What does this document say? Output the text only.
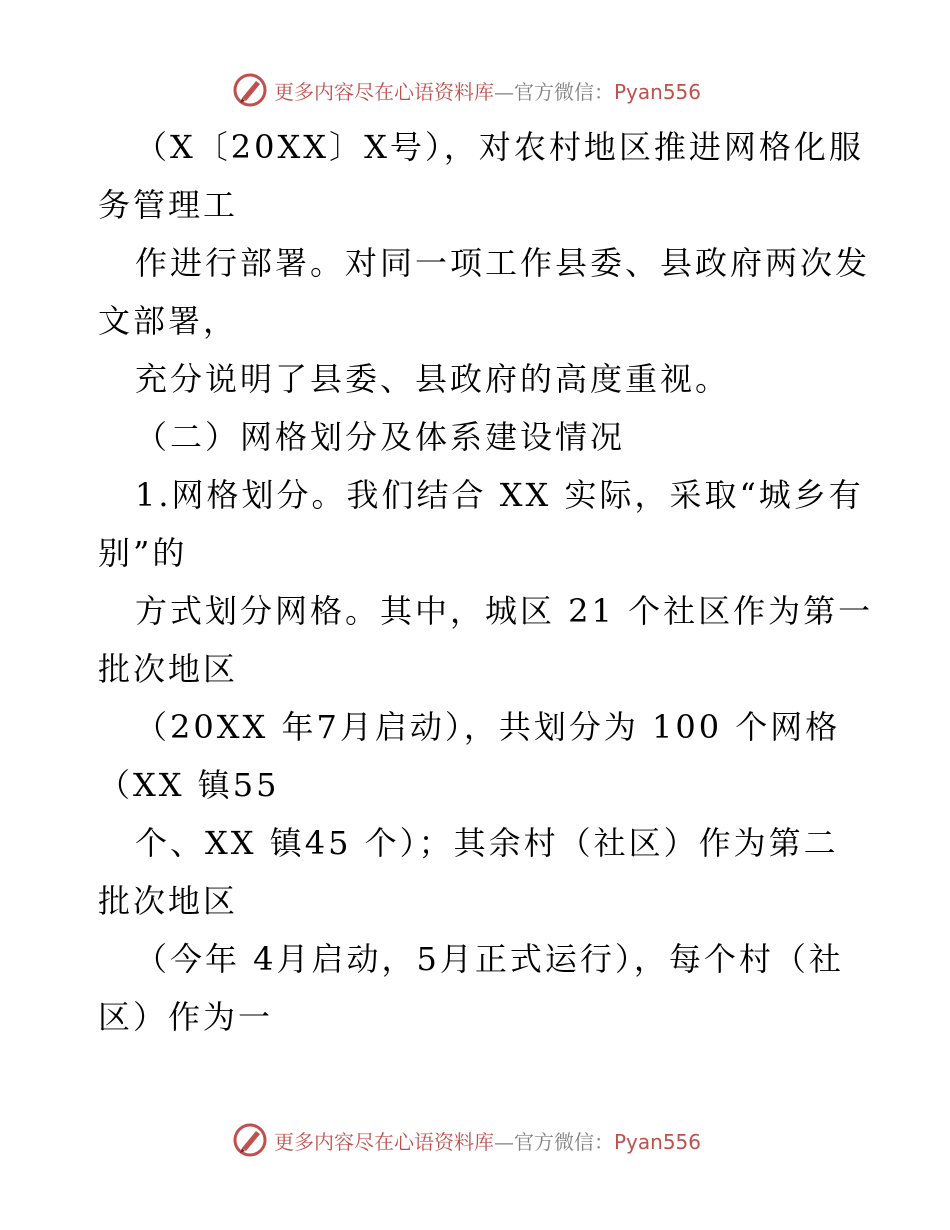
更多内容尽在心语资料库—官方微信：Pyan556
（X〔20XX〕X号），对农村地区推进网格化服
务管理工
作进行部署。对同一项工作县委、县政府两次发
文部署，
充分说明了县委、县政府的高度重视。
（二）网格划分及体系建设情况
1.网格划分。我们结合 XX 实际，采取“城乡有
别”的
方式划分网格。其中，城区 21 个社区作为第一
批次地区
（20XX 年7月启动），共划分为 100 个网格
（XX 镇55
个、XX 镇45 个）；其余村（社区）作为第二
批次地区
（今年 4月启动，5月正式运行），每个村（社
区）作为一
更多内容尽在心语资料库—官方微信：Pyan556
